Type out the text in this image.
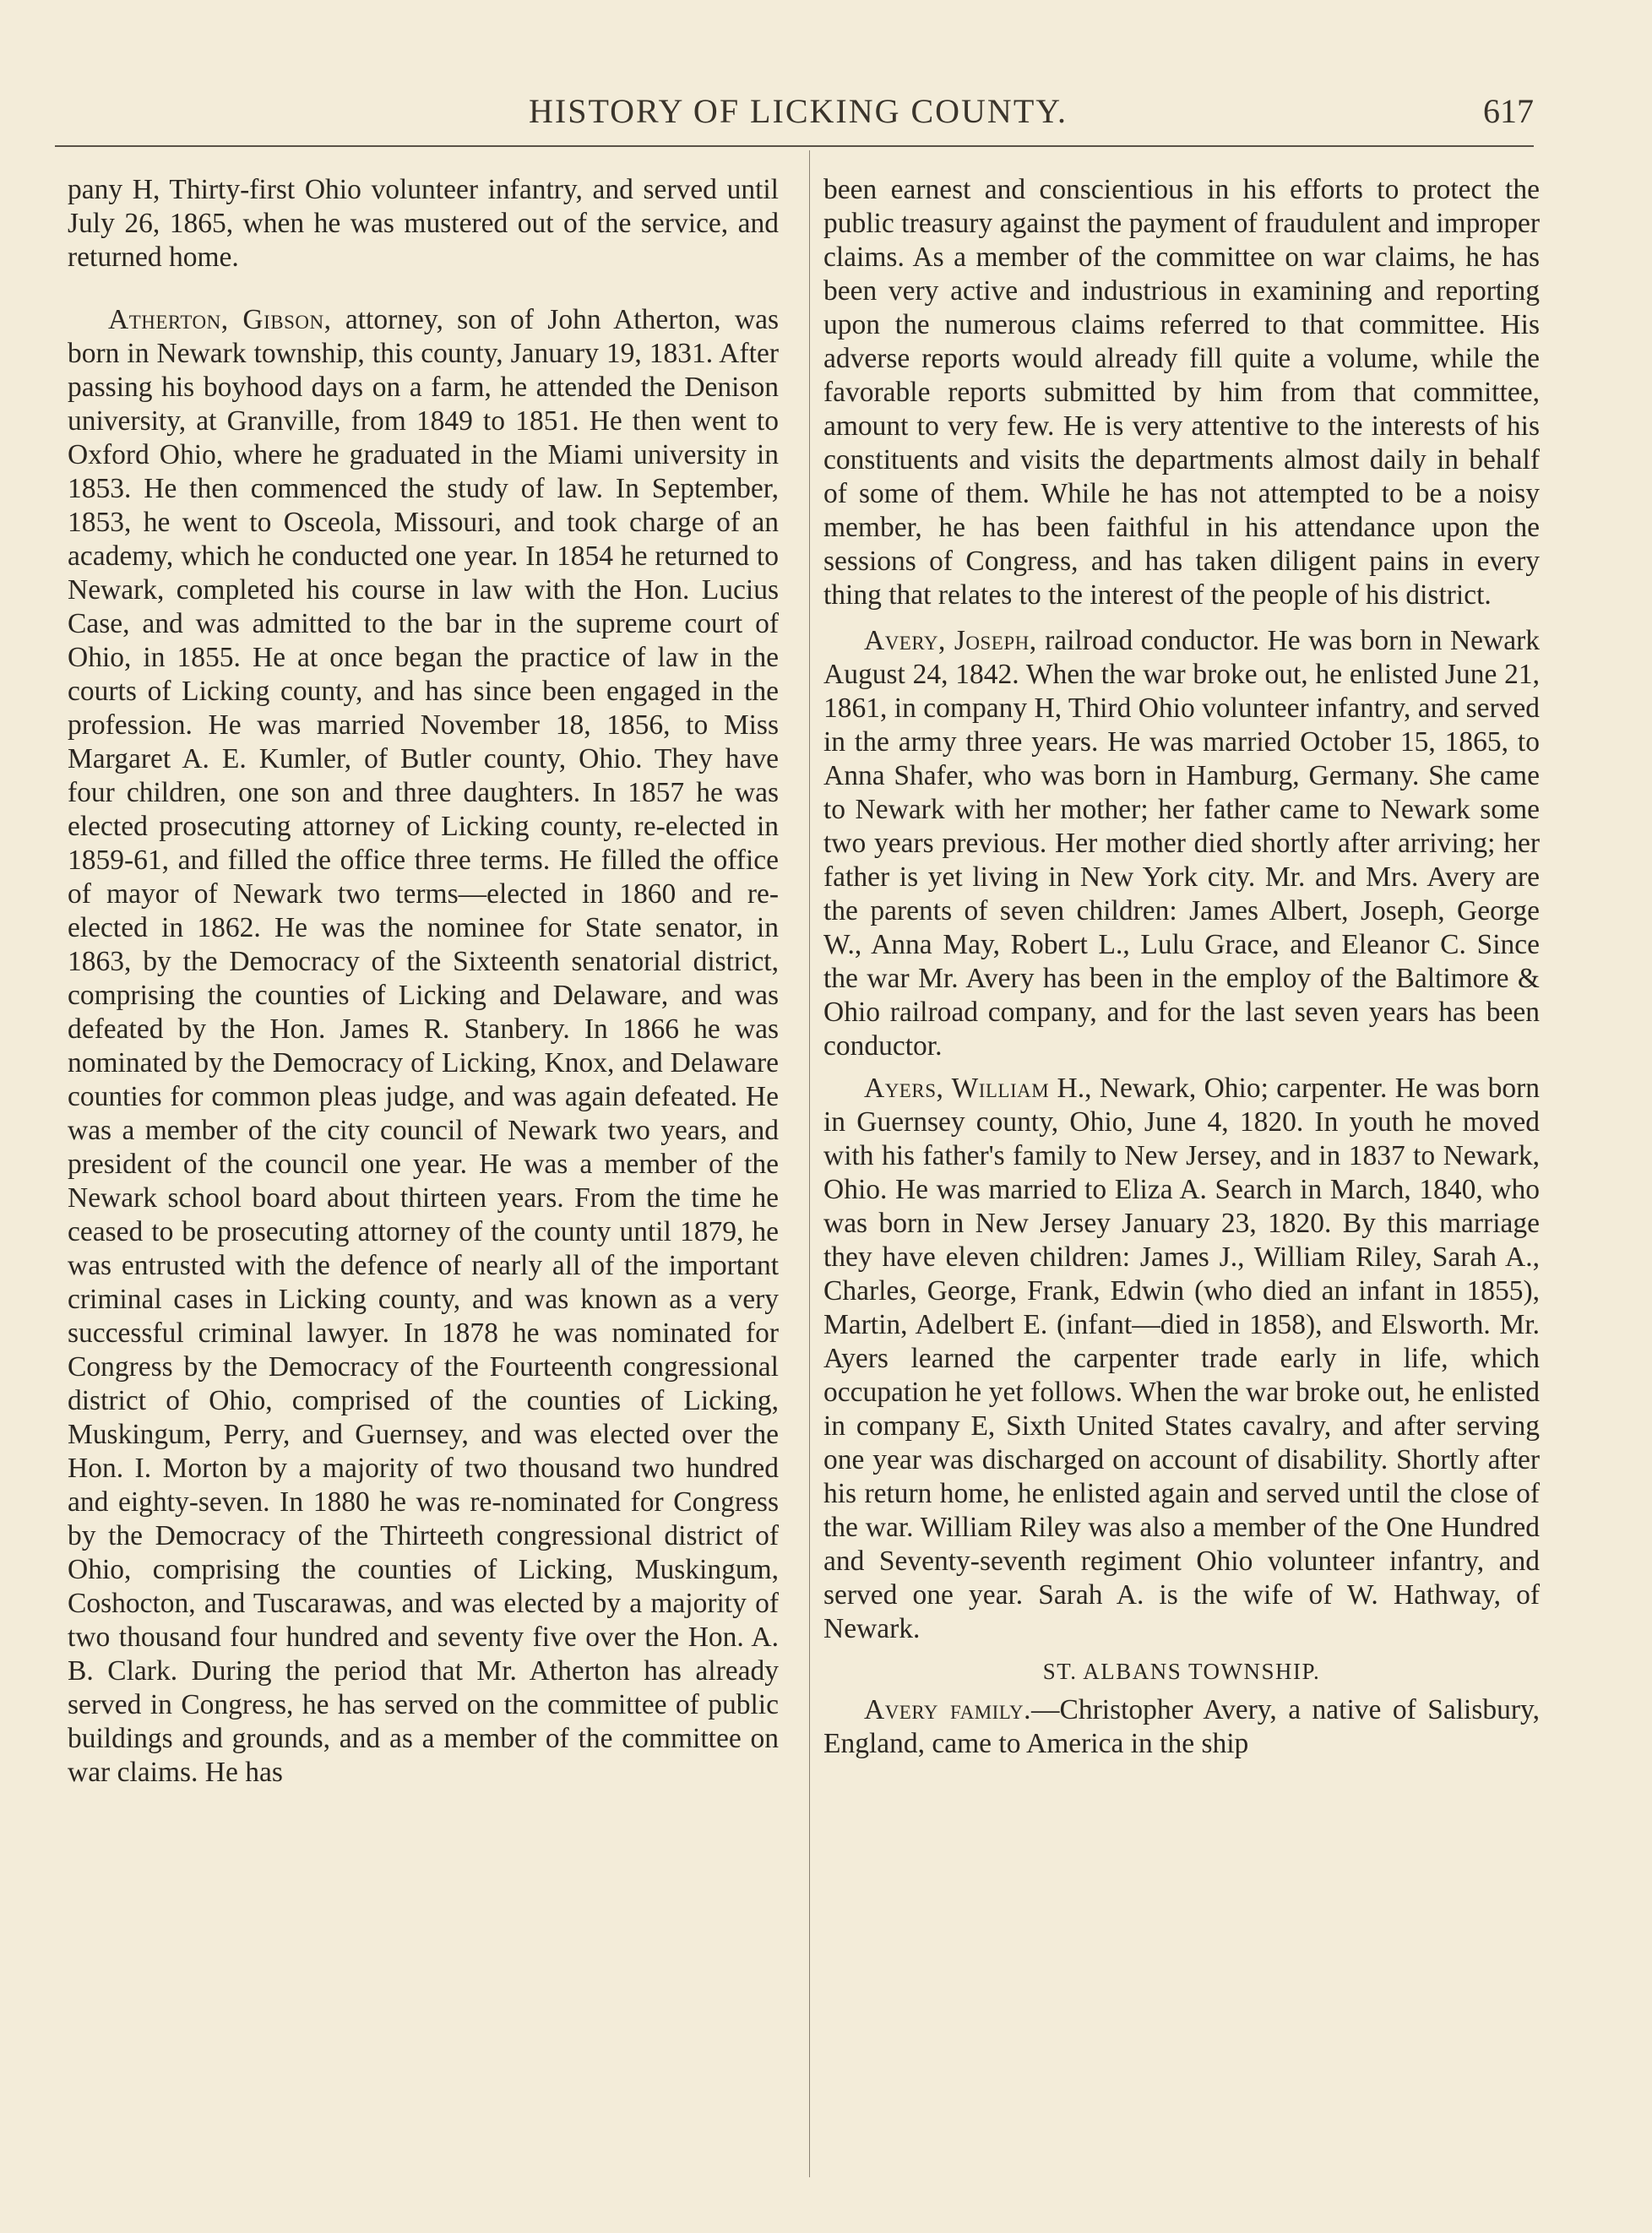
HISTORY OF LICKING COUNTY.	617

pany H, Thirty-first Ohio volunteer infantry, and served until July 26, 1865, when he was mustered out of the service, and returned home.

Atherton, Gibson, attorney, son of John Atherton, was born in Newark township, this county, January 19, 1831. After passing his boyhood days on a farm, he attended the Denison university, at Granville, from 1849 to 1851. He then went to Oxford Ohio, where he graduated in the Miami university in 1853. He then commenced the study of law. In September, 1853, he went to Osceola, Missouri, and took charge of an academy, which he conducted one year. In 1854 he returned to Newark, completed his course in law with the Hon. Lucius Case, and was admitted to the bar in the supreme court of Ohio, in 1855. He at once began the practice of law in the courts of Licking county, and has since been engaged in the profession. He was married November 18, 1856, to Miss Margaret A. E. Kumler, of Butler county, Ohio. They have four children, one son and three daughters. In 1857 he was elected prosecuting attorney of Licking county, re-elected in 1859-61, and filled the office three terms. He filled the office of mayor of Newark two terms—elected in 1860 and re-elected in 1862. He was the nominee for State senator, in 1863, by the Democracy of the Sixteenth senatorial district, comprising the counties of Licking and Delaware, and was defeated by the Hon. James R. Stanbery. In 1866 he was nominated by the Democracy of Licking, Knox, and Delaware counties for common pleas judge, and was again defeated. He was a member of the city council of Newark two years, and president of the council one year. He was a member of the Newark school board about thirteen years. From the time he ceased to be prosecuting attorney of the county until 1879, he was entrusted with the defence of nearly all of the important criminal cases in Licking county, and was known as a very successful criminal lawyer. In 1878 he was nominated for Congress by the Democracy of the Fourteenth congressional district of Ohio, comprised of the counties of Licking, Muskingum, Perry, and Guernsey, and was elected over the Hon. I. Morton by a majority of two thousand two hundred and eighty-seven. In 1880 he was re-nominated for Congress by the Democracy of the Thirteeth congressional district of Ohio, comprising the counties of Licking, Muskingum, Coshocton, and Tuscarawas, and was elected by a majority of two thousand four hundred and seventy five over the Hon. A. B. Clark. During the period that Mr. Atherton has already served in Congress, he has served on the committee of public buildings and grounds, and as a member of the committee on war claims. He has

been earnest and conscientious in his efforts to protect the public treasury against the payment of fraudulent and improper claims. As a member of the committee on war claims, he has been very active and industrious in examining and reporting upon the numerous claims referred to that committee. His adverse reports would already fill quite a volume, while the favorable reports submitted by him from that committee, amount to very few. He is very attentive to the interests of his constituents and visits the departments almost daily in behalf of some of them. While he has not attempted to be a noisy member, he has been faithful in his attendance upon the sessions of Congress, and has taken diligent pains in every thing that relates to the interest of the people of his district.

Avery, Joseph, railroad conductor. He was born in Newark August 24, 1842. When the war broke out, he enlisted June 21, 1861, in company H, Third Ohio volunteer infantry, and served in the army three years. He was married October 15, 1865, to Anna Shafer, who was born in Hamburg, Germany. She came to Newark with her mother; her father came to Newark some two years previous. Her mother died shortly after arriving; her father is yet living in New York city. Mr. and Mrs. Avery are the parents of seven children: James Albert, Joseph, George W., Anna May, Robert L., Lulu Grace, and Eleanor C. Since the war Mr. Avery has been in the employ of the Baltimore & Ohio railroad company, and for the last seven years has been conductor.

Ayers, William H., Newark, Ohio; carpenter. He was born in Guernsey county, Ohio, June 4, 1820. In youth he moved with his father's family to New Jersey, and in 1837 to Newark, Ohio. He was married to Eliza A. Search in March, 1840, who was born in New Jersey January 23, 1820. By this marriage they have eleven children: James J., William Riley, Sarah A., Charles, George, Frank, Edwin (who died an infant in 1855), Martin, Adelbert E. (infant—died in 1858), and Elsworth. Mr. Ayers learned the carpenter trade early in life, which occupation he yet follows. When the war broke out, he enlisted in company E, Sixth United States cavalry, and after serving one year was discharged on account of disability. Shortly after his return home, he enlisted again and served until the close of the war. William Riley was also a member of the One Hundred and Seventy-seventh regiment Ohio volunteer infantry, and served one year. Sarah A. is the wife of W. Hathway, of Newark.

ST. ALBANS TOWNSHIP.

Avery family.—Christopher Avery, a native of Salisbury, England, came to America in the ship
